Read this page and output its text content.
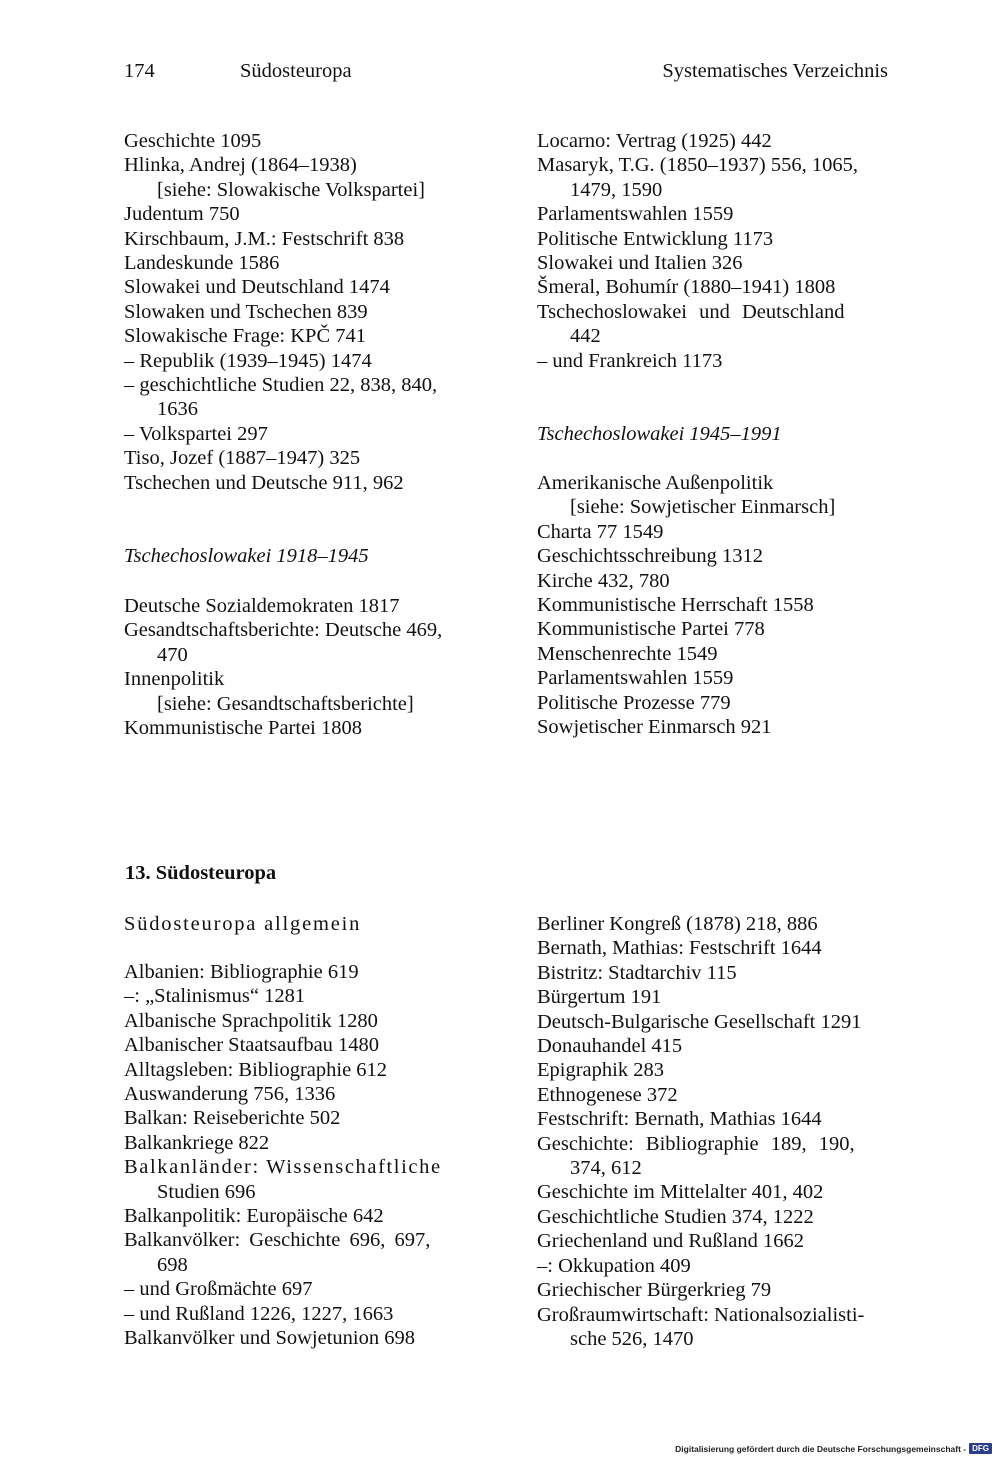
174	Südosteuropa	Systematisches Verzeichnis
Geschichte 1095
Hlinka, Andrej (1864–1938)
[siehe: Slowakische Volkspartei]
Judentum 750
Kirschbaum, J.M.: Festschrift 838
Landeskunde 1586
Slowakei und Deutschland 1474
Slowaken und Tschechen 839
Slowakische Frage: KPČ 741
– Republik (1939–1945) 1474
– geschichtliche Studien 22, 838, 840,
1636
– Volkspartei 297
Tiso, Jozef (1887–1947) 325
Tschechen und Deutsche 911, 962
Tschechoslowakei 1918–1945
Deutsche Sozialdemokraten 1817
Gesandtschaftsberichte: Deutsche 469,
470
Innenpolitik
[siehe: Gesandtschaftsberichte]
Kommunistische Partei 1808
Locarno: Vertrag (1925) 442
Masaryk, T.G. (1850–1937) 556, 1065,
1479, 1590
Parlamentswahlen 1559
Politische Entwicklung 1173
Slowakei und Italien 326
Šmeral, Bohumír (1880–1941) 1808
Tschechoslowakei und Deutschland
442
– und Frankreich 1173
Tschechoslowakei 1945–1991
Amerikanische Außenpolitik
[siehe: Sowjetischer Einmarsch]
Charta 77 1549
Geschichtsschreibung 1312
Kirche 432, 780
Kommunistische Herrschaft 1558
Kommunistische Partei 778
Menschenrechte 1549
Parlamentswahlen 1559
Politische Prozesse 779
Sowjetischer Einmarsch 921
13. Südosteuropa
Südosteuropa allgemein
Albanien: Bibliographie 619
–: „Stalinismus“ 1281
Albanische Sprachpolitik 1280
Albanischer Staatsaufbau 1480
Alltagsleben: Bibliographie 612
Auswanderung 756, 1336
Balkan: Reiseberichte 502
Balkankriege 822
Balkanländer: Wissenschaftliche
Studien 696
Balkanpolitik: Europäische 642
Balkanvölker: Geschichte 696, 697,
698
– und Großmächte 697
– und Rußland 1226, 1227, 1663
Balkanvölker und Sowjetunion 698
Berliner Kongreß (1878) 218, 886
Bernath, Mathias: Festschrift 1644
Bistritz: Stadtarchiv 115
Bürgertum 191
Deutsch-Bulgarische Gesellschaft 1291
Donauhandel 415
Epigraphik 283
Ethnogenese 372
Festschrift: Bernath, Mathias 1644
Geschichte: Bibliographie 189, 190,
374, 612
Geschichte im Mittelalter 401, 402
Geschichtliche Studien 374, 1222
Griechenland und Rußland 1662
–: Okkupation 409
Griechischer Bürgerkrieg 79
Großraumwirtschaft: Nationalsozialisti-
sche 526, 1470
Digitalisierung gefördert durch die Deutsche Forschungsgemeinschaft - DFG
